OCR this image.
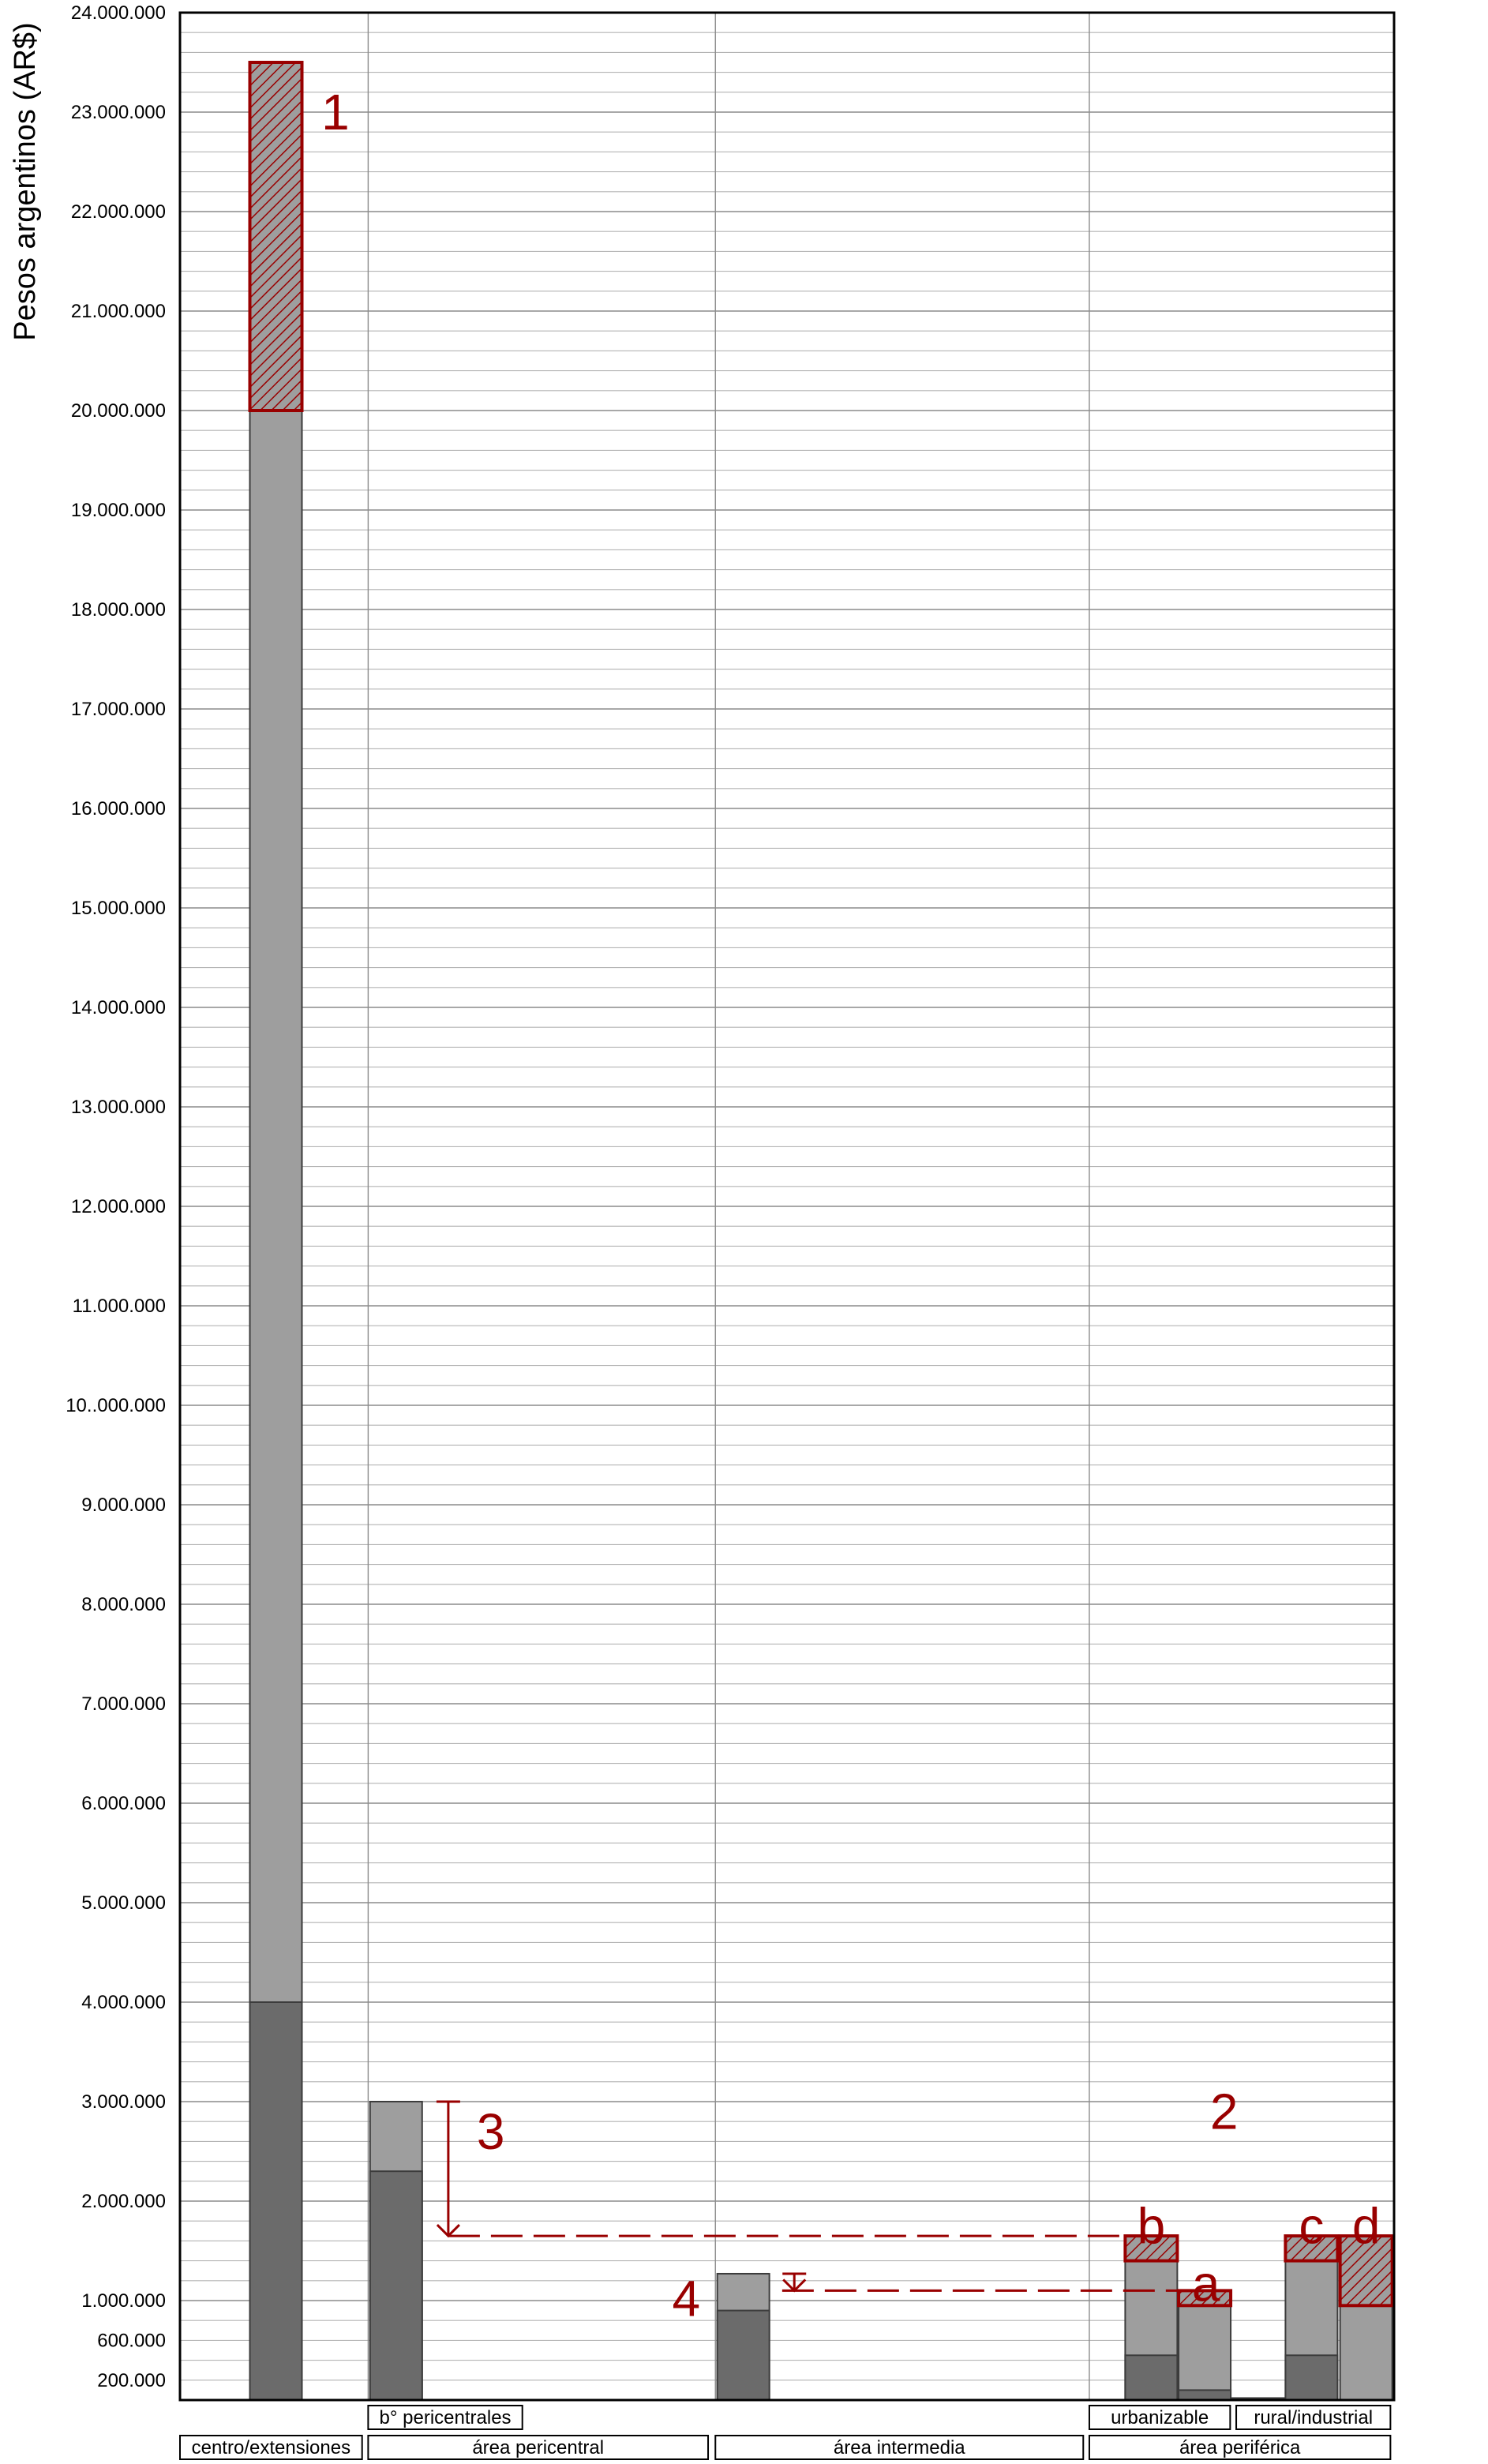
200.000
600.000
1.000.000
2.000.000
3.000.000
4.000.000
5.000.000
6.000.000
7.000.000
8.000.000
9.000.000
10..000.000
11.000.000
12.000.000
13.000.000
14.000.000
15.000.000
16.000.000
17.000.000
18.000.000
19.000.000
20.000.000
21.000.000
22.000.000
23.000.000
24.000.000
Pesos argentinos (AR$)	1
2
3
4	a
b	c d
b° pericentrales	urbanizable rural/industrial
centro/extensiones	área pericentral	área intermedia	área periférica
